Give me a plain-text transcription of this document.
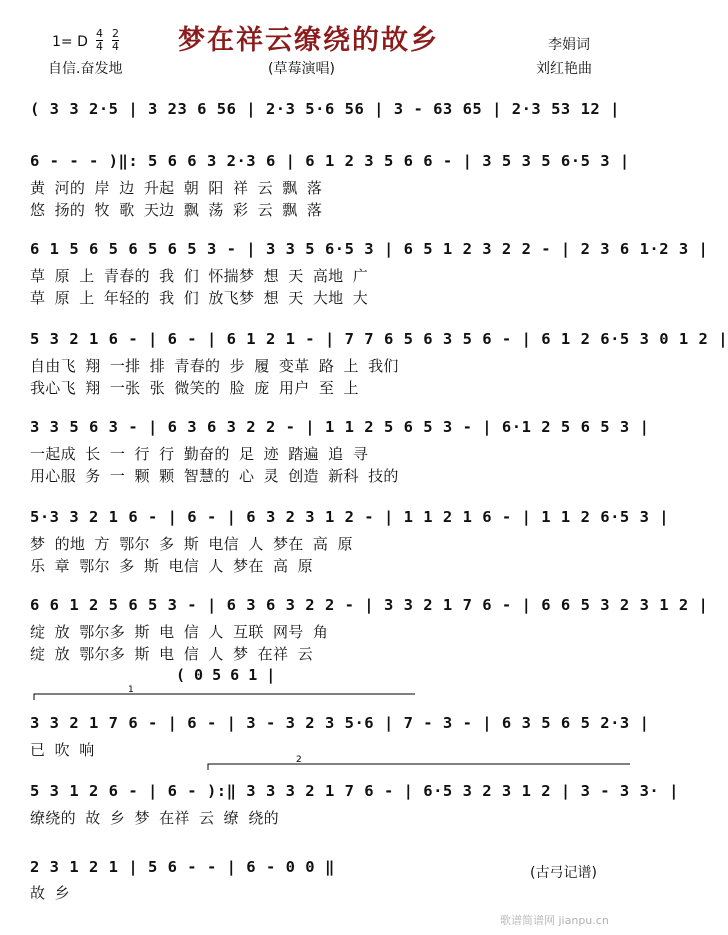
1= D
4
4
2
4 梦在祥云缭绕的故乡	李娟词
自信.奋发地	(草莓演唱)	刘红艳曲
( 3 3 2·5 | 3 23 6 56 | 2·3 5·6 56 | 3 - 63 65 | 2·3 53 12 |
6 - - - )‖: 5 6 6 3 2·3 6 | 6 1 2 3 5 6 6 - | 3 5 3 5 6·5 3 |
黄 河的 岸 边 升起 朝 阳 祥 云 飘 落
悠 扬的 牧 歌 天边 飘 荡 彩 云 飘 落
6 1 5 6 5 6 5 6 5 3 - | 3 3 5 6·5 3 | 6 5 1 2 3 2 2 - | 2 3 6 1·2 3 |
草 原 上 青春的 我 们 怀揣梦 想 天 高地 广
草 原 上 年轻的 我 们 放飞梦 想 天 大地 大
5 3 2 1 6 - | 6 - | 6 1 2 1 - | 7 7 6 5 6 3 5 6 - | 6 1 2 6·5 3 0 1 2 |
自由飞 翔 一排 排 青春的 步 履 变革 路 上 我们
我心飞 翔 一张 张 微笑的 脸 庞 用户 至 上
3 3 5 6 3 - | 6 3 6 3 2 2 - | 1 1 2 5 6 5 3 - | 6·1 2 5 6 5 3 |
一起成 长 一 行 行 勤奋的 足 迹 踏遍 追 寻
用心服 务 一 颗 颗 智慧的 心 灵 创造 新科 技的
5·3 3 2 1 6 - | 6 - | 6 3 2 3 1 2 - | 1 1 2 1 6 - | 1 1 2 6·5 3 |
梦 的地 方 鄂尔 多 斯 电信 人 梦在 高 原
乐 章 鄂尔 多 斯 电信 人 梦在 高 原
6 6 1 2 5 6 5 3 - | 6 3 6 3 2 2 - | 3 3 2 1 7 6 - | 6 6 5 3 2 3 1 2 |
绽 放 鄂尔多 斯 电 信 人 互联 网号 角
绽 放 鄂尔多 斯 电 信 人 梦 在祥 云
( 0 5 6 1 |
3 3 2 1 7 6 - | 6 - | 3 - 3 2 3 5·6 | 7 - 3 - | 6 3 5 6 5 2·3 |
已 吹 响
5 3 1 2 6 - | 6 - ):‖ 3 3 3 2 1 7 6 - | 6·5 3 2 3 1 2 | 3 - 3 3· |
缭绕的 故 乡 梦 在祥 云 缭 绕的
2 3 1 2 1 | 5 6 - - | 6 - 0 0 ‖
故 乡
1
2
(古弓记谱)
歌谱简谱网 jianpu.cn
